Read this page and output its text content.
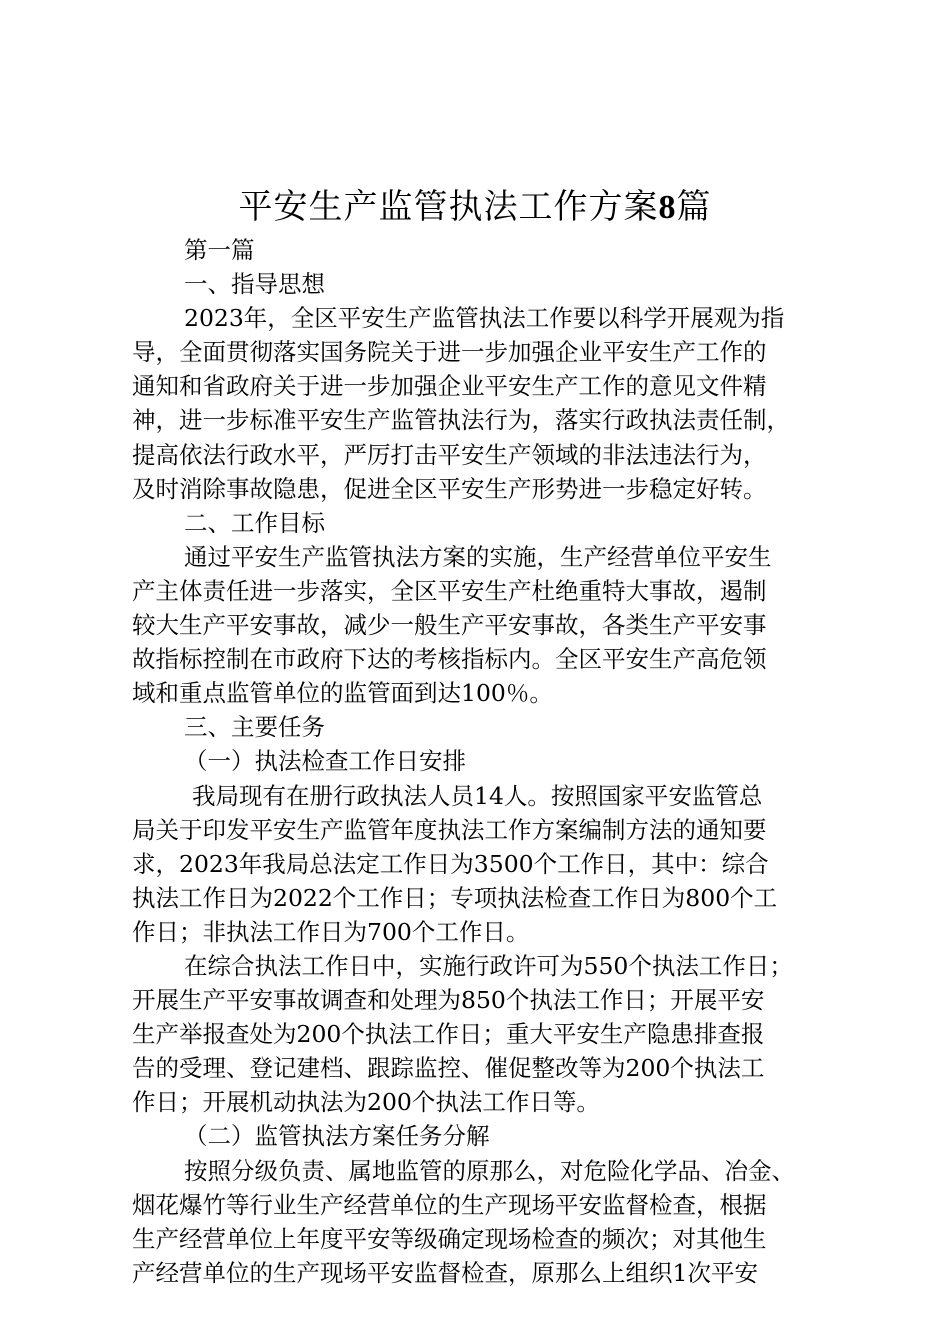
平安生产监管执法工作方案8篇
第一篇
一、指导思想
2023年，全区平安生产监管执法工作要以科学开展观为指
导，全面贯彻落实国务院关于进一步加强企业平安生产工作的
通知和省政府关于进一步加强企业平安生产工作的意见文件精
神，进一步标准平安生产监管执法行为，落实行政执法责任制，
提高依法行政水平，严厉打击平安生产领域的非法违法行为，
及时消除事故隐患，促进全区平安生产形势进一步稳定好转。
二、工作目标
通过平安生产监管执法方案的实施，生产经营单位平安生
产主体责任进一步落实，全区平安生产杜绝重特大事故，遏制
较大生产平安事故，减少一般生产平安事故，各类生产平安事
故指标控制在市政府下达的考核指标内。全区平安生产高危领
域和重点监管单位的监管面到达100％。
三、主要任务
（一）执法检查工作日安排
我局现有在册行政执法人员14人。按照国家平安监管总
局关于印发平安生产监管年度执法工作方案编制方法的通知要
求，2023年我局总法定工作日为3500个工作日，其中：综合
执法工作日为2022个工作日；专项执法检查工作日为800个工
作日；非执法工作日为700个工作日。
在综合执法工作日中，实施行政许可为550个执法工作日；
开展生产平安事故调查和处理为850个执法工作日；开展平安
生产举报查处为200个执法工作日；重大平安生产隐患排查报
告的受理、登记建档、跟踪监控、催促整改等为200个执法工
作日；开展机动执法为200个执法工作日等。
（二）监管执法方案任务分解
按照分级负责、属地监管的原那么，对危险化学品、冶金、
烟花爆竹等行业生产经营单位的生产现场平安监督检查，根据
生产经营单位上年度平安等级确定现场检查的频次；对其他生
产经营单位的生产现场平安监督检查，原那么上组织1次平安
